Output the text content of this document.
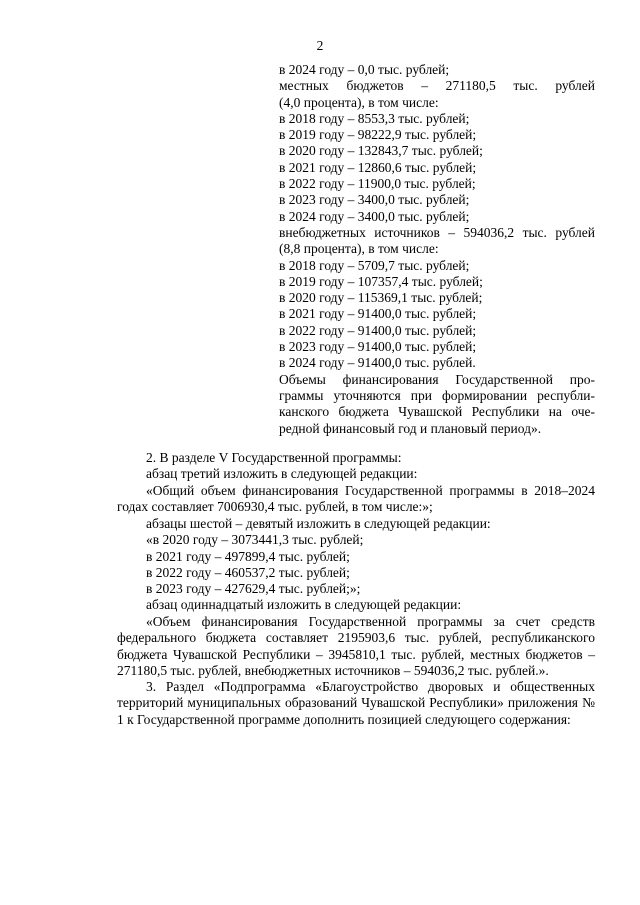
2
в 2024 году – 0,0 тыс. рублей;
местных бюджетов – 271180,5 тыс. рублей
(4,0 процента), в том числе:
в 2018 году – 8553,3 тыс. рублей;
в 2019 году – 98222,9 тыс. рублей;
в 2020 году – 132843,7 тыс. рублей;
в 2021 году – 12860,6 тыс. рублей;
в 2022 году – 11900,0 тыс. рублей;
в 2023 году – 3400,0 тыс. рублей;
в 2024 году – 3400,0 тыс. рублей;
внебюджетных источников – 594036,2 тыс. рублей
(8,8 процента), в том числе:
в 2018 году – 5709,7 тыс. рублей;
в 2019 году – 107357,4 тыс. рублей;
в 2020 году – 115369,1 тыс. рублей;
в 2021 году – 91400,0 тыс. рублей;
в 2022 году – 91400,0 тыс. рублей;
в 2023 году – 91400,0 тыс. рублей;
в 2024 году – 91400,0 тыс. рублей.
Объемы финансирования Государственной про-
граммы уточняются при формировании республи-
канского бюджета Чувашской Республики на оче-
редной финансовый год и плановый период».
2. В разделе V Государственной программы:
абзац третий изложить в следующей редакции:
«Общий объем финансирования Государственной программы в 2018–2024 годах составляет 7006930,4 тыс. рублей, в том числе:»;
абзацы шестой – девятый изложить в следующей редакции:
«в 2020 году – 3073441,3 тыс. рублей;
в 2021 году – 497899,4 тыс. рублей;
в 2022 году – 460537,2 тыс. рублей;
в 2023 году – 427629,4 тыс. рублей;»;
абзац одиннадцатый изложить в следующей редакции:
«Объем финансирования Государственной программы за счет средств федерального бюджета составляет 2195903,6 тыс. рублей, республиканского бюджета Чувашской Республики – 3945810,1 тыс. рублей, местных бюджетов – 271180,5 тыс. рублей, внебюджетных источников – 594036,2 тыс. рублей.».
3. Раздел «Подпрограмма «Благоустройство дворовых и общественных территорий муниципальных образований Чувашской Республики» приложения № 1 к Государственной программе дополнить позицией следующего содержания:
